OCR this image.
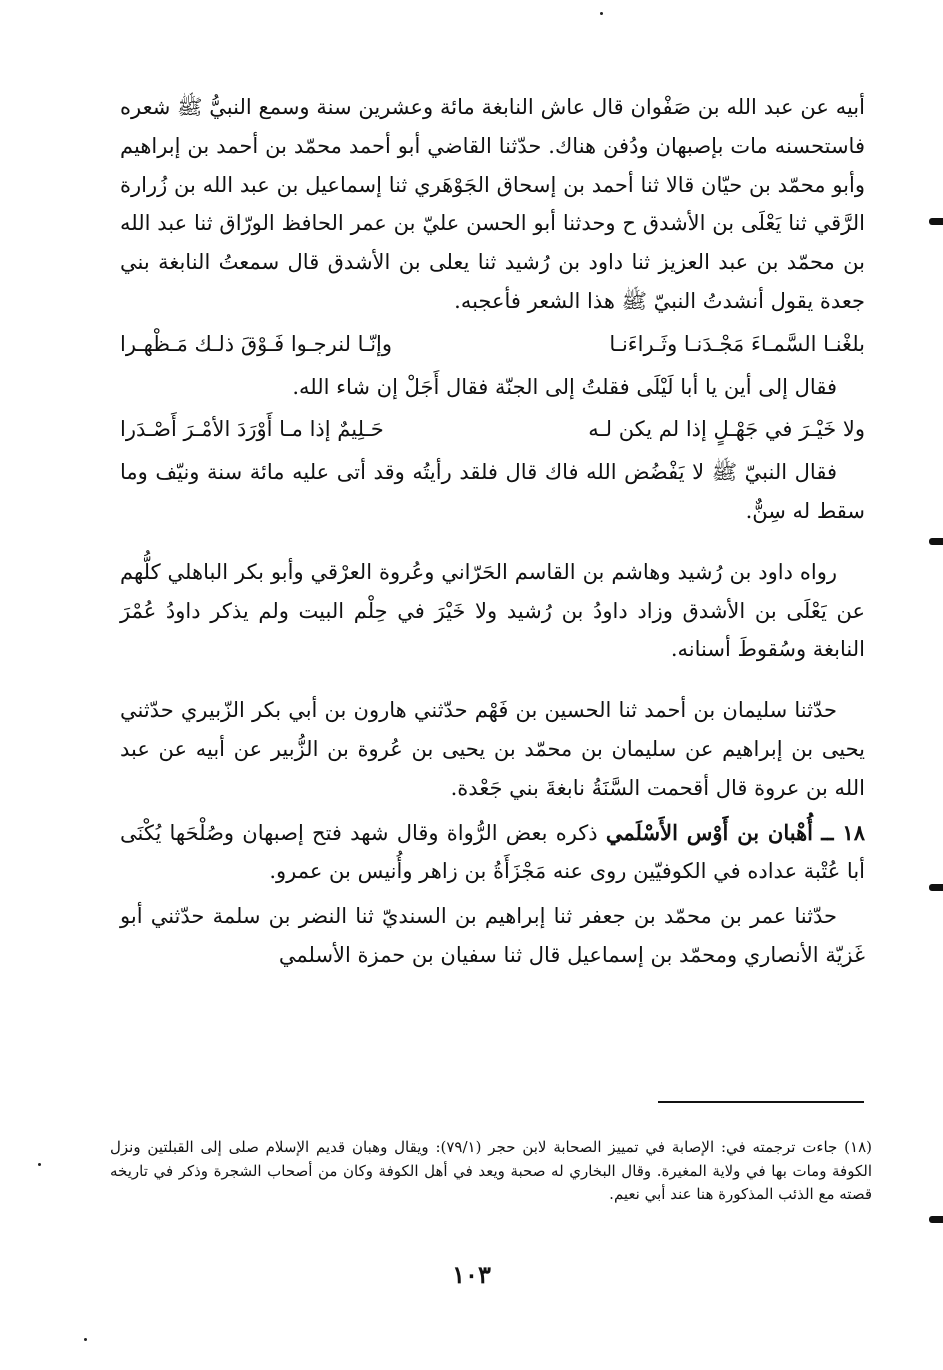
أبيه عن عبد الله بن صَفْوان قال عاش النابغة مائة وعشرين سنة وسمع النبيُّ ﷺ شعره فاستحسنه مات بإصبهان ودُفن هناك. حدّثنا القاضي أبو أحمد محمّد بن أحمد بن إبراهيم وأبو محمّد بن حيّان قالا ثنا أحمد بن إسحاق الجَوْهَري ثنا إسماعيل بن عبد الله بن زُرارة الرَّقي ثنا يَعْلَى بن الأشدق ح وحدثنا أبو الحسن عليّ بن عمر الحافظ الورّاق ثنا عبد الله بن محمّد بن عبد العزيز ثنا داود بن رُشيد ثنا يعلى بن الأشدق قال سمعتُ النابغة بني جعدة يقول أنشدتُ النبيّ ﷺ هذا الشعر فأعجبه.

بلغْنـا السَّمـاءَ مَجْـدَنـا وثَـراءَنـا
وإنّـا لنرجـوا فَـوْقَ ذلـك مَـظْهـرا

فقال إلى أين يا أبا لَيْلَى فقلتُ إلى الجنّة فقال أَجَلْ إن شاء الله.

ولا خَيْـرَ في جَهْـلٍ إذا لم يكن لـه
حَـلِيمٌ إذا مـا أَوْرَدَ الأمْـرَ أَصْـدَرا

فقال النبيّ ﷺ لا يَفْضُض الله فاك قال فلقد رأيتُه وقد أتى عليه مائة سنة ونيّف وما سقط له سِنٌّ.

رواه داود بن رُشيد وهاشم بن القاسم الحَرّاني وعُروة العرْقي وأبو بكر الباهلي كلُّهم عن يَعْلَى بن الأشدق وزاد داودُ بن رُشيد ولا خَيْرَ في حِلْم البيت ولم يذكر داودُ عُمْرَ النابغة وسُقوطَ أسنانه.

حدّثنا سليمان بن أحمد ثنا الحسين بن فَهْم حدّثني هارون بن أبي بكر الزّبيري حدّثني يحيى بن إبراهيم عن سليمان بن محمّد بن يحيى بن عُروة بن الزُّبير عن أبيه عن عبد الله بن عروة قال أقحمت السَّنَةُ نابغةَ بني جَعْدة.

١٨ ــ أُهْبان بن أَوْس الأَسْلَمي ذكره بعض الرُّواة وقال شهد فتح إصبهان وصُلْحَها يُكْنَى أبا عُتْبة عداده في الكوفيّين روى عنه مَجْزَأَةُ بن زاهر وأُنيس بن عمرو.

حدّثنا عمر بن محمّد بن جعفر ثنا إبراهيم بن السنديّ ثنا النضر بن سلمة حدّثني أبو غَزيّة الأنصاري ومحمّد بن إسماعيل قال ثنا سفيان بن حمزة الأسلمي

(١٨) جاءت ترجمته في: الإصابة في تمييز الصحابة لابن حجر (٧٩/١): ويقال وهبان قديم الإسلام صلى إلى القبلتين ونزل الكوفة ومات بها في ولاية المغيرة. وقال البخاري له صحبة ويعد في أهل الكوفة وكان من أصحاب الشجرة وذكر في تاريخه قصته مع الذئب المذكورة هنا عند أبي نعيم.

١٠٣
